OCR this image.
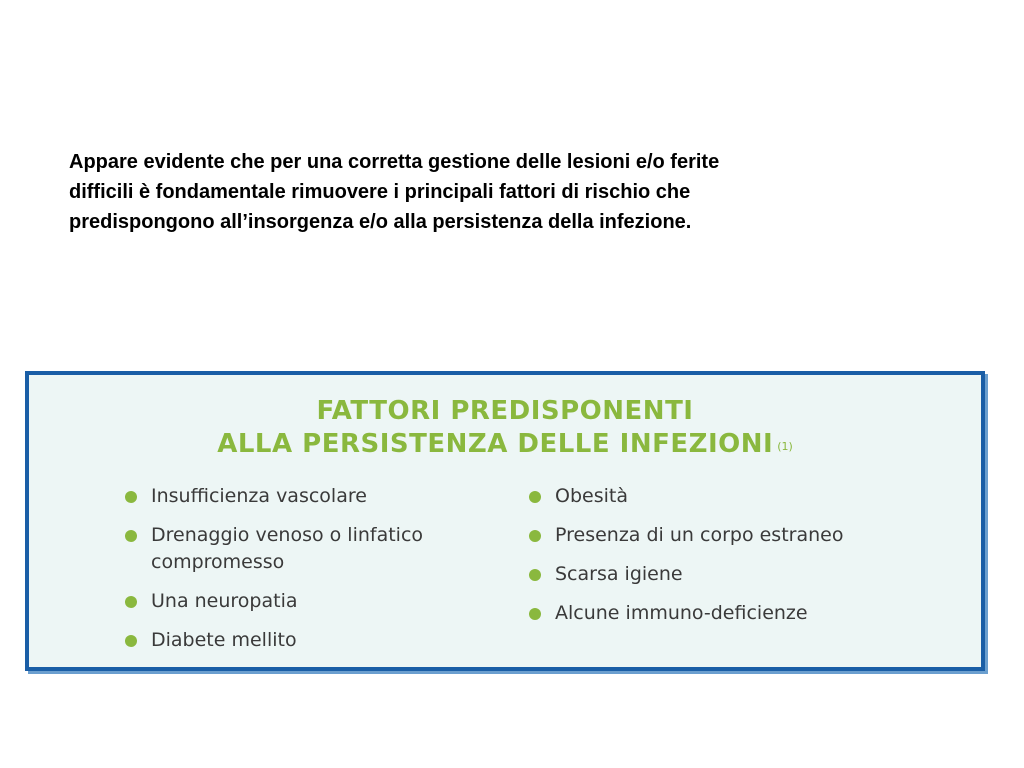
Appare evidente che per una corretta gestione delle lesioni e/o ferite
difficili è fondamentale rimuovere i principali fattori di rischio che
predispongono all’insorgenza e/o alla persistenza della infezione.

FATTORI PREDISPONENTI
ALLA PERSISTENZA DELLE INFEZIONI $^{(1)}$
Insufficienza vascolare
Drenaggio venoso o linfatico compromesso
Una neuropatia
Diabete mellito
Obesità
Presenza di un corpo estraneo
Scarsa igiene
Alcune immuno-deficienze
